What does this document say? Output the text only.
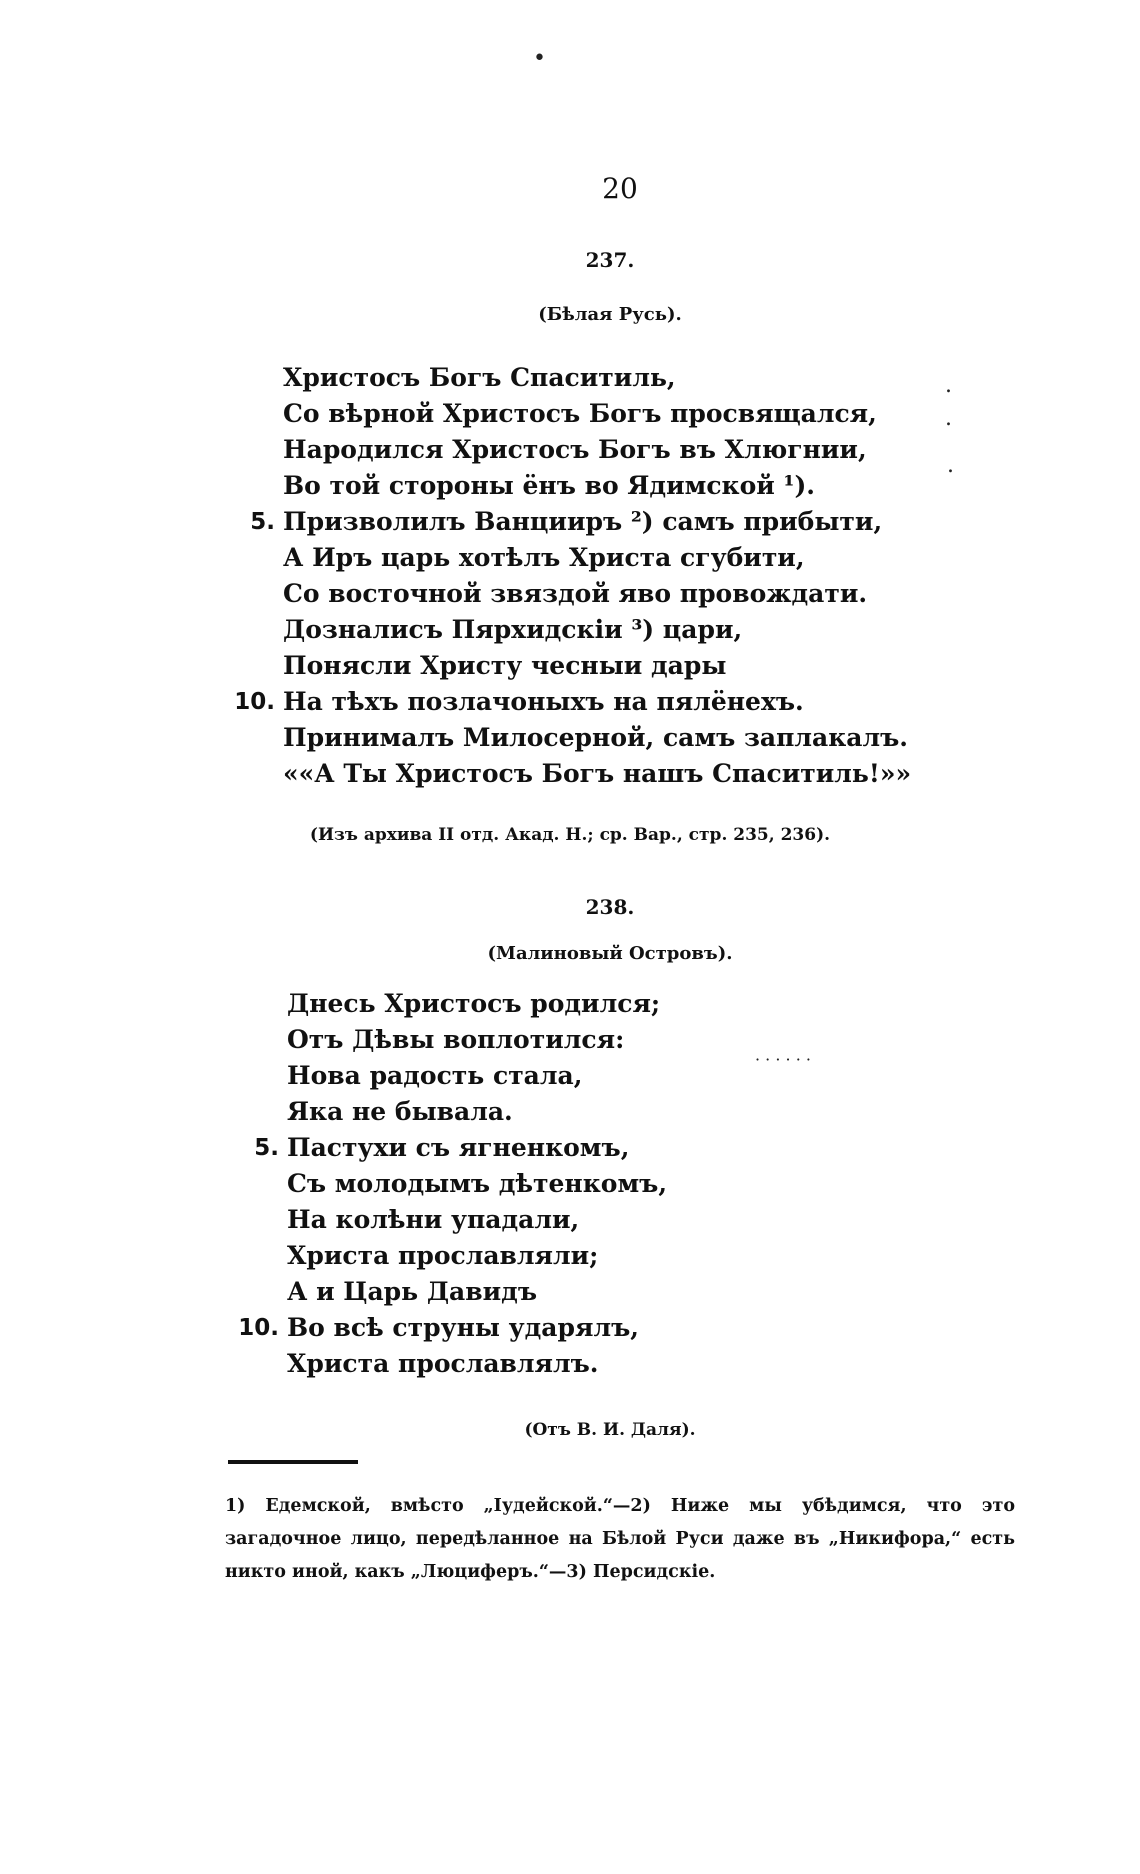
•
.
.
.
· · · · · ·
20
237.
(Бѣлая Русь).
Христосъ Богъ Спаситиль,
Со вѣрной Христосъ Богъ просвящался,
Народился Христосъ Богъ въ Хлюгнии,
Во той стороны ёнъ во Ядимской ¹).
5. Призволилъ Ванцииръ ²) самъ прибыти,
А Иръ царь хотѣлъ Христа сгубити,
Со восточной звяздой яво провождати.
Дозналисъ Пярхидскіи ³) цари,
Понясли Христу чесныи дары
10. На тѣхъ позлачоныхъ на пялёнехъ.
Принималъ Милосерной, самъ заплакалъ.
««А Ты Христосъ Богъ нашъ Спаситиль!»»
(Изъ архива II отд. Акад. Н.; ср. Вар., стр. 235, 236).
238.
(Малиновый Островъ).
Днесь Христосъ родился;
Отъ Дѣвы воплотился:
Нова радость стала,
Яка не бывала.
5. Пастухи съ ягненкомъ,
Съ молодымъ дѣтенкомъ,
На колѣни упадали,
Христа прославляли;
А и Царь Давидъ
10. Во всѣ струны ударялъ,
Христа прославлялъ.
(Отъ В. И. Даля).
1) Едемской, вмѣсто „Іудейской.“—2) Ниже мы убѣдимся, что это загадочное лицо, передѣланное на Бѣлой Руси даже въ „Никифора,“ есть никто иной, какъ „Люциферъ.“—3) Персидскіе.
